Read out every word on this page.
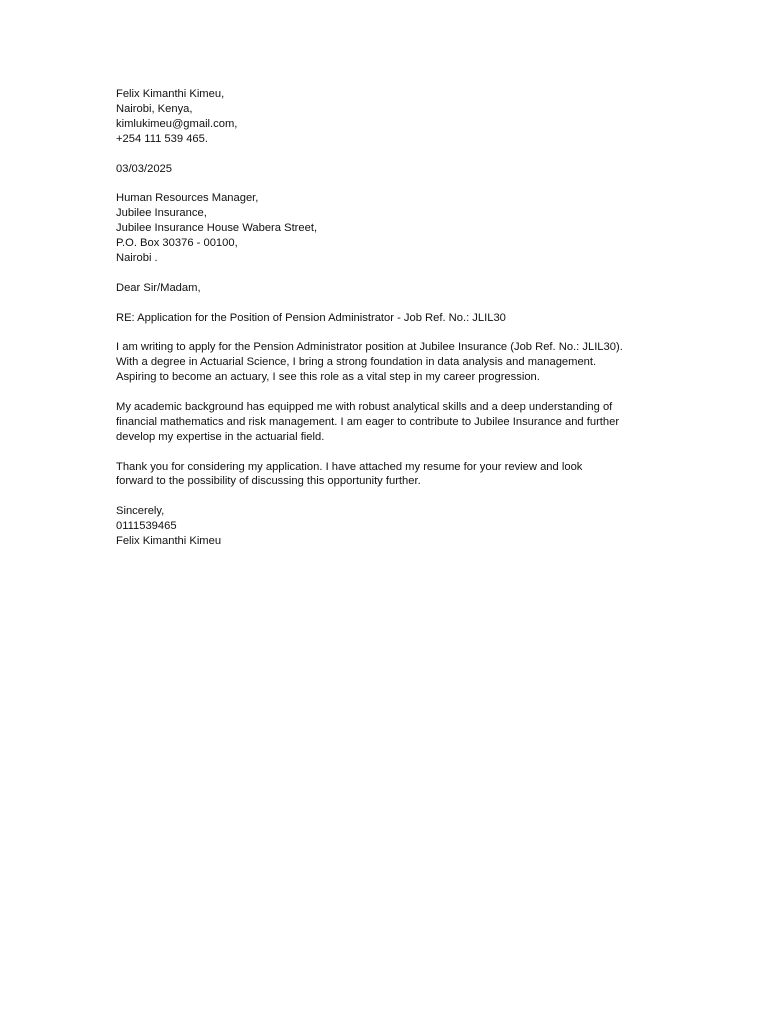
Felix Kimanthi Kimeu,
Nairobi, Kenya,
kimlukimeu@gmail.com,
+254 111 539 465.
03/03/2025
Human Resources Manager,
Jubilee Insurance,
Jubilee Insurance House Wabera Street,
P.O. Box 30376 - 00100,
Nairobi .
Dear Sir/Madam,
RE: Application for the Position of Pension Administrator - Job Ref. No.: JLIL30
I am writing to apply for the Pension Administrator position at Jubilee Insurance (Job Ref. No.: JLIL30).
With a degree in Actuarial Science, I bring a strong foundation in data analysis and management.
Aspiring to become an actuary, I see this role as a vital step in my career progression.
My academic background has equipped me with robust analytical skills and a deep understanding of
financial mathematics and risk management. I am eager to contribute to Jubilee Insurance and further
develop my expertise in the actuarial field.
Thank you for considering my application. I have attached my resume for your review and look
forward to the possibility of discussing this opportunity further.
Sincerely,
0111539465
Felix Kimanthi Kimeu
